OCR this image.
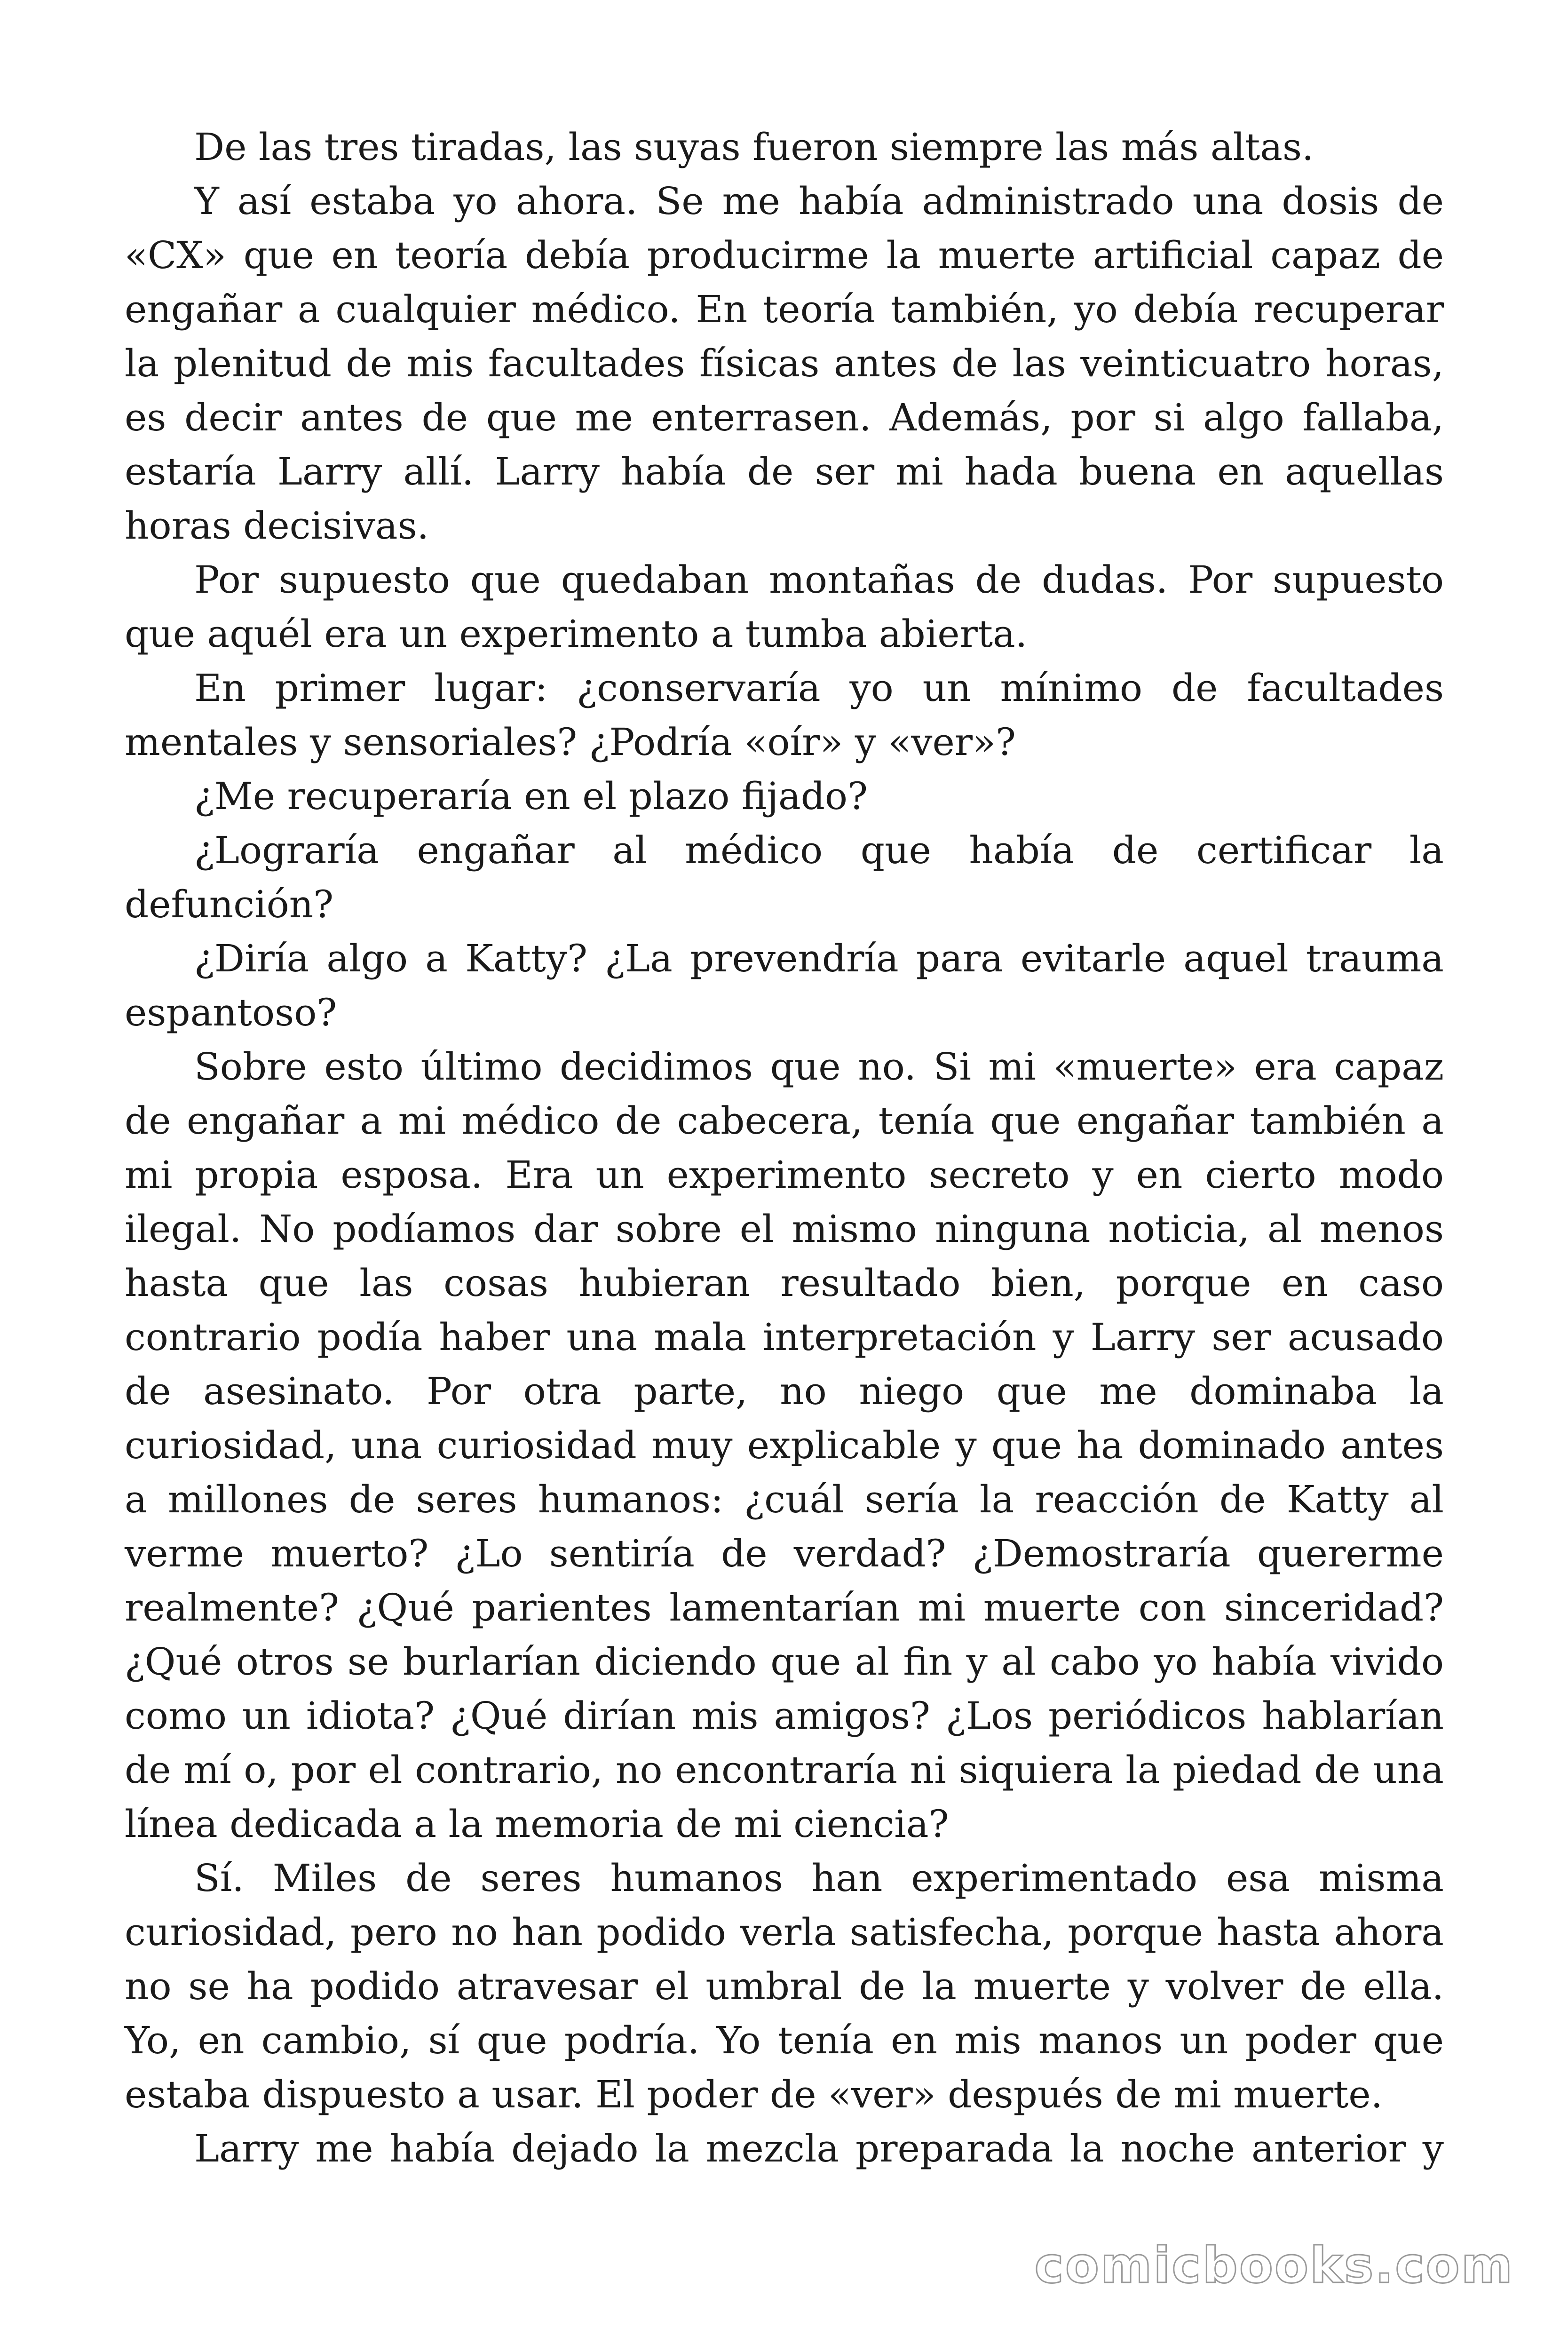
De las tres tiradas, las suyas fueron siempre las más altas.

Y así estaba yo ahora. Se me había administrado una dosis de «CX» que en teoría debía producirme la muerte artificial capaz de engañar a cualquier médico. En teoría también, yo debía recuperar la plenitud de mis facultades físicas antes de las veinticuatro horas, es decir antes de que me enterrasen. Además, por si algo fallaba, estaría Larry allí. Larry había de ser mi hada buena en aquellas horas decisivas.

Por supuesto que quedaban montañas de dudas. Por supuesto que aquél era un experimento a tumba abierta.

En primer lugar: ¿conservaría yo un mínimo de facultades mentales y sensoriales? ¿Podría «oír» y «ver»?

¿Me recuperaría en el plazo fijado?

¿Lograría engañar al médico que había de certificar la defunción?

¿Diría algo a Katty? ¿La prevendría para evitarle aquel trauma espantoso?

Sobre esto último decidimos que no. Si mi «muerte» era capaz de engañar a mi médico de cabecera, tenía que engañar también a mi propia esposa. Era un experimento secreto y en cierto modo ilegal. No podíamos dar sobre el mismo ninguna noticia, al menos hasta que las cosas hubieran resultado bien, porque en caso contrario podía haber una mala interpretación y Larry ser acusado de asesinato. Por otra parte, no niego que me dominaba la curiosidad, una curiosidad muy explicable y que ha dominado antes a millones de seres humanos: ¿cuál sería la reacción de Katty al verme muerto? ¿Lo sentiría de verdad? ¿Demostraría quererme realmente? ¿Qué parientes lamentarían mi muerte con sinceridad? ¿Qué otros se burlarían diciendo que al fin y al cabo yo había vivido como un idiota? ¿Qué dirían mis amigos? ¿Los periódicos hablarían de mí o, por el contrario, no encontraría ni siquiera la piedad de una línea dedicada a la memoria de mi ciencia?

Sí. Miles de seres humanos han experimentado esa misma curiosidad, pero no han podido verla satisfecha, porque hasta ahora no se ha podido atravesar el umbral de la muerte y volver de ella. Yo, en cambio, sí que podría. Yo tenía en mis manos un poder que estaba dispuesto a usar. El poder de «ver» después de mi muerte.

Larry me había dejado la mezcla preparada la noche anterior y

comicbooks.com
